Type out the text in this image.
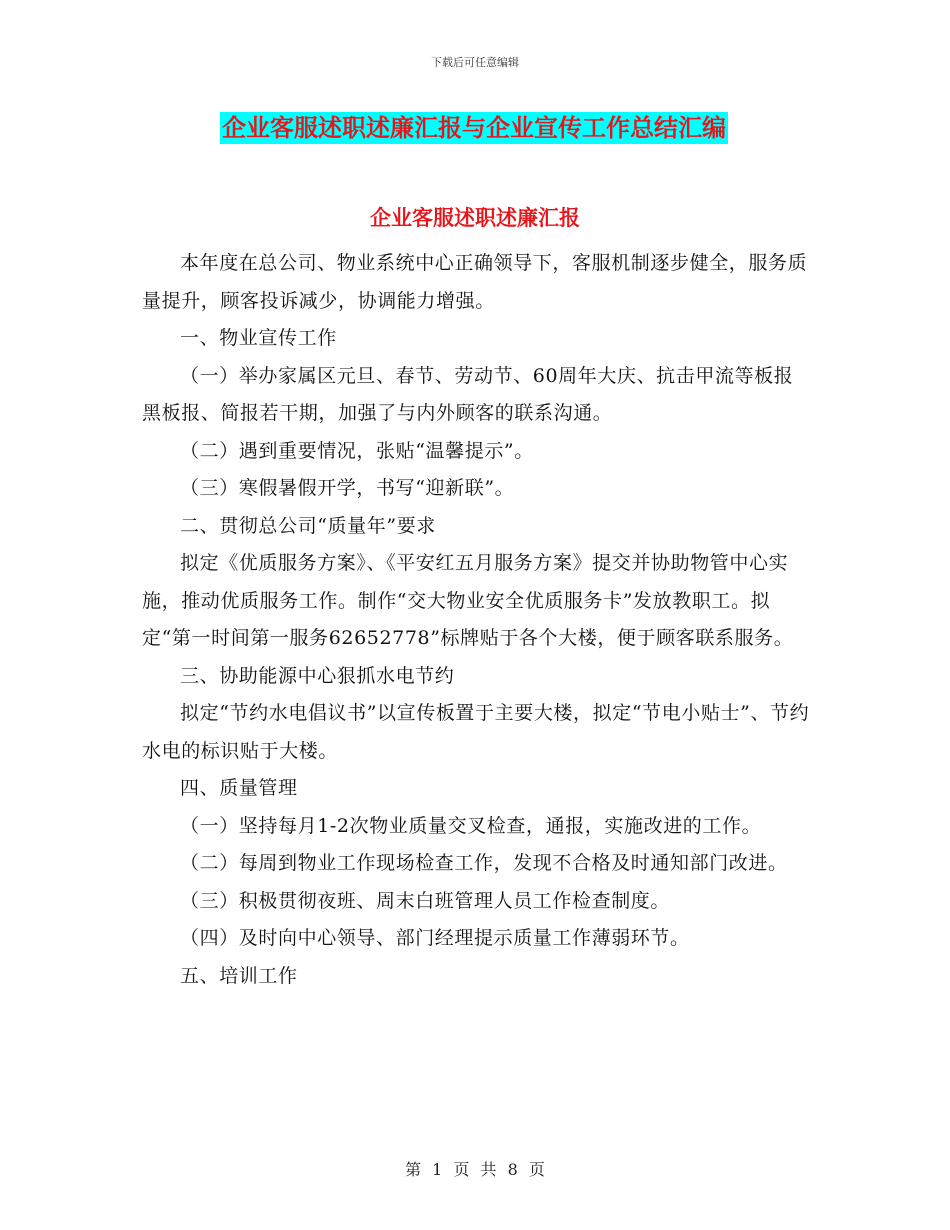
下载后可任意编辑
企业客服述职述廉汇报与企业宣传工作总结汇编
企业客服述职述廉汇报

本年度在总公司、物业系统中心正确领导下，客服机制逐步健全，服务质量提升，顾客投诉减少，协调能力增强。

一、物业宣传工作

（一）举办家属区元旦、春节、劳动节、60周年大庆、抗击甲流等板报黑板报、简报若干期，加强了与内外顾客的联系沟通。

（二）遇到重要情况，张贴“温馨提示”。

（三）寒假暑假开学，书写“迎新联”。

二、贯彻总公司“质量年”要求

拟定《优质服务方案》、《平安红五月服务方案》提交并协助物管中心实施，推动优质服务工作。制作“交大物业安全优质服务卡”发放教职工。拟定“第一时间第一服务62652778”标牌贴于各个大楼，便于顾客联系服务。

三、协助能源中心狠抓水电节约

拟定“节约水电倡议书”以宣传板置于主要大楼，拟定“节电小贴士”、节约水电的标识贴于大楼。

四、质量管理

（一）坚持每月1-2次物业质量交叉检查，通报，实施改进的工作。

（二）每周到物业工作现场检查工作，发现不合格及时通知部门改进。

（三）积极贯彻夜班、周末白班管理人员工作检查制度。

（四）及时向中心领导、部门经理提示质量工作薄弱环节。

五、培训工作

第 1 页 共 8 页
